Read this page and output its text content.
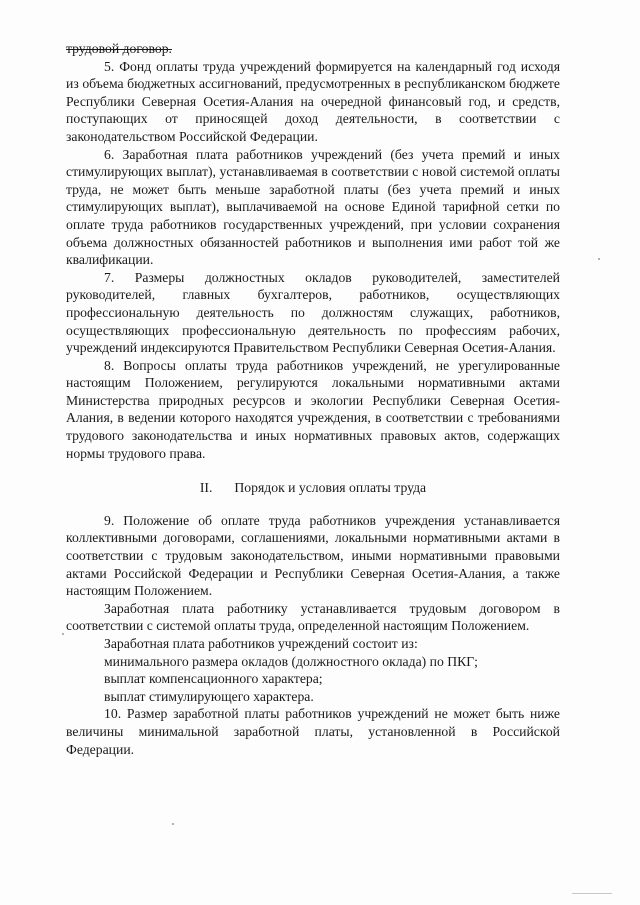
трудовой договор.

5. Фонд оплаты труда учреждений формируется на календарный год исходя из объема бюджетных ассигнований, предусмотренных в республиканском бюджете Республики Северная Осетия-Алания на очередной финансовый год, и средств, поступающих от приносящей доход деятельности, в соответствии с законодательством Российской Федерации.

6. Заработная плата работников учреждений (без учета премий и иных стимулирующих выплат), устанавливаемая в соответствии с новой системой оплаты труда, не может быть меньше заработной платы (без учета премий и иных стимулирующих выплат), выплачиваемой на основе Единой тарифной сетки по оплате труда работников государственных учреждений, при условии сохранения объема должностных обязанностей работников и выполнения ими работ той же квалификации.

7. Размеры должностных окладов руководителей, заместителей руководителей, главных бухгалтеров, работников, осуществляющих профессиональную деятельность по должностям служащих, работников, осуществляющих профессиональную деятельность по профессиям рабочих, учреждений индексируются Правительством Республики Северная Осетия-Алания.

8. Вопросы оплаты труда работников учреждений, не урегулированные настоящим Положением, регулируются локальными нормативными актами Министерства природных ресурсов и экологии Республики Северная Осетия-Алания, в ведении которого находятся учреждения, в соответствии с требованиями трудового законодательства и иных нормативных правовых актов, содержащих нормы трудового права.

II. Порядок и условия оплаты труда

9. Положение об оплате труда работников учреждения устанавливается коллективными договорами, соглашениями, локальными нормативными актами в соответствии с трудовым законодательством, иными нормативными правовыми актами Российской Федерации и Республики Северная Осетия-Алания, а также настоящим Положением.

Заработная плата работнику устанавливается трудовым договором в соответствии с системой оплаты труда, определенной настоящим Положением.

Заработная плата работников учреждений состоит из:

минимального размера окладов (должностного оклада) по ПКГ;

выплат компенсационного характера;

выплат стимулирующего характера.

10. Размер заработной платы работников учреждений не может быть ниже величины минимальной заработной платы, установленной в Российской Федерации.
